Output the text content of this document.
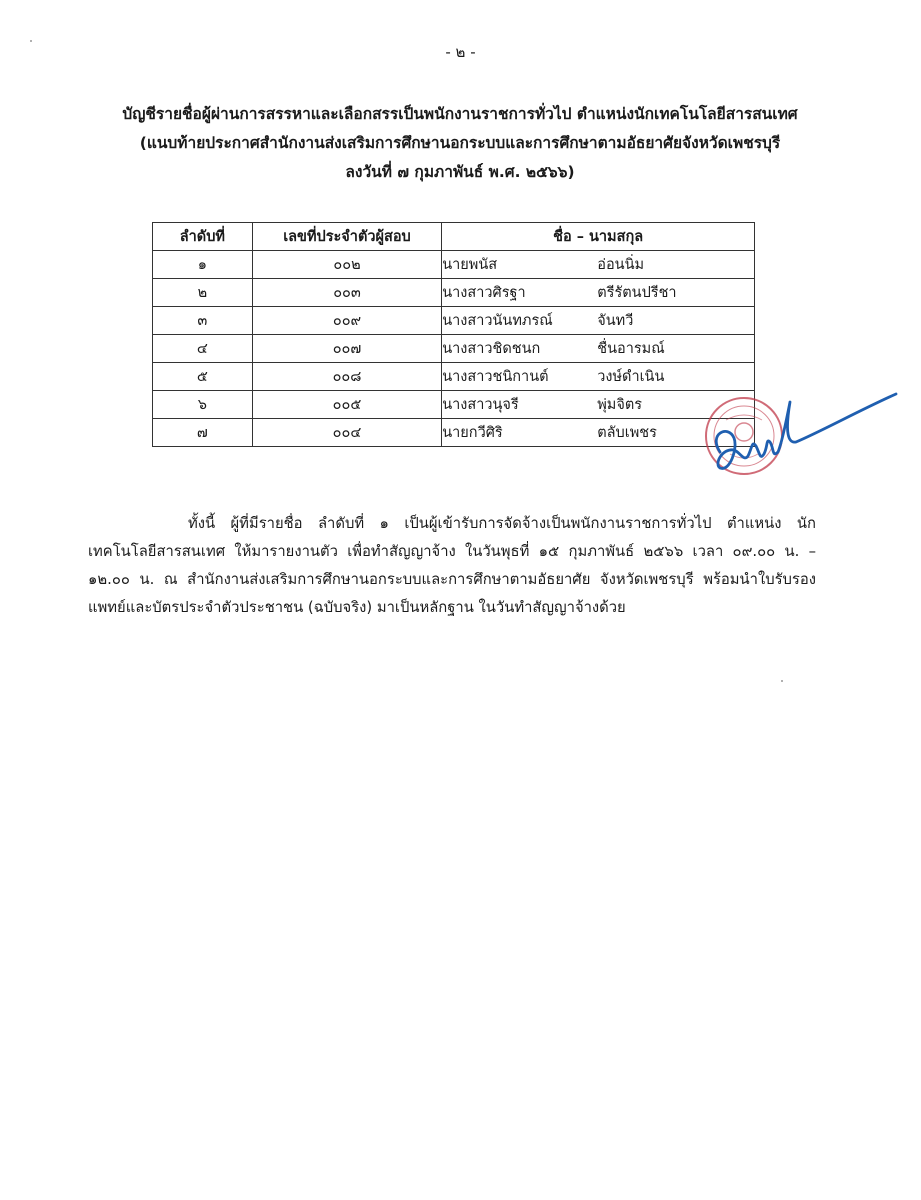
- ๒ -
บัญชีรายชื่อผู้ผ่านการสรรหาและเลือกสรรเป็นพนักงานราชการทั่วไป ตำแหน่งนักเทคโนโลยีสารสนเทศ
(แนบท้ายประกาศสำนักงานส่งเสริมการศึกษานอกระบบและการศึกษาตามอัธยาศัยจังหวัดเพชรบุรี
ลงวันที่ ๗ กุมภาพันธ์ พ.ศ. ๒๕๖๖)
ลำดับที่	เลขที่ประจำตัวผู้สอบ	ชื่อ – นามสกุล
๑	๐๐๒	นายพนัส อ่อนนิ่ม
๒	๐๐๓	นางสาวศิรฐา ตรีรัตนปรีชา
๓	๐๐๙	นางสาวนันทภรณ์ จันทวี
๔	๐๐๗	นางสาวชิดชนก ชื่นอารมณ์
๕	๐๐๘	นางสาวชนิกานต์ วงษ์ดำเนิน
๖	๐๐๕	นางสาวนุจรี พุ่มจิตร
๗	๐๐๔	นายกวีศิริ ตลับเพชร
ทั้งนี้ ผู้ที่มีรายชื่อ ลำดับที่ ๑ เป็นผู้เข้ารับการจัดจ้างเป็นพนักงานราชการทั่วไป ตำแหน่ง นักเทคโนโลยีสารสนเทศ ให้มารายงานตัว เพื่อทำสัญญาจ้าง ในวันพุธที่ ๑๕ กุมภาพันธ์ ๒๕๖๖ เวลา ๐๙.๐๐ น. – ๑๒.๐๐ น. ณ สำนักงานส่งเสริมการศึกษานอกระบบและการศึกษาตามอัธยาศัย จังหวัดเพชรบุรี พร้อมนำใบรับรองแพทย์และบัตรประจำตัวประชาชน (ฉบับจริง) มาเป็นหลักฐาน ในวันทำสัญญาจ้างด้วย
